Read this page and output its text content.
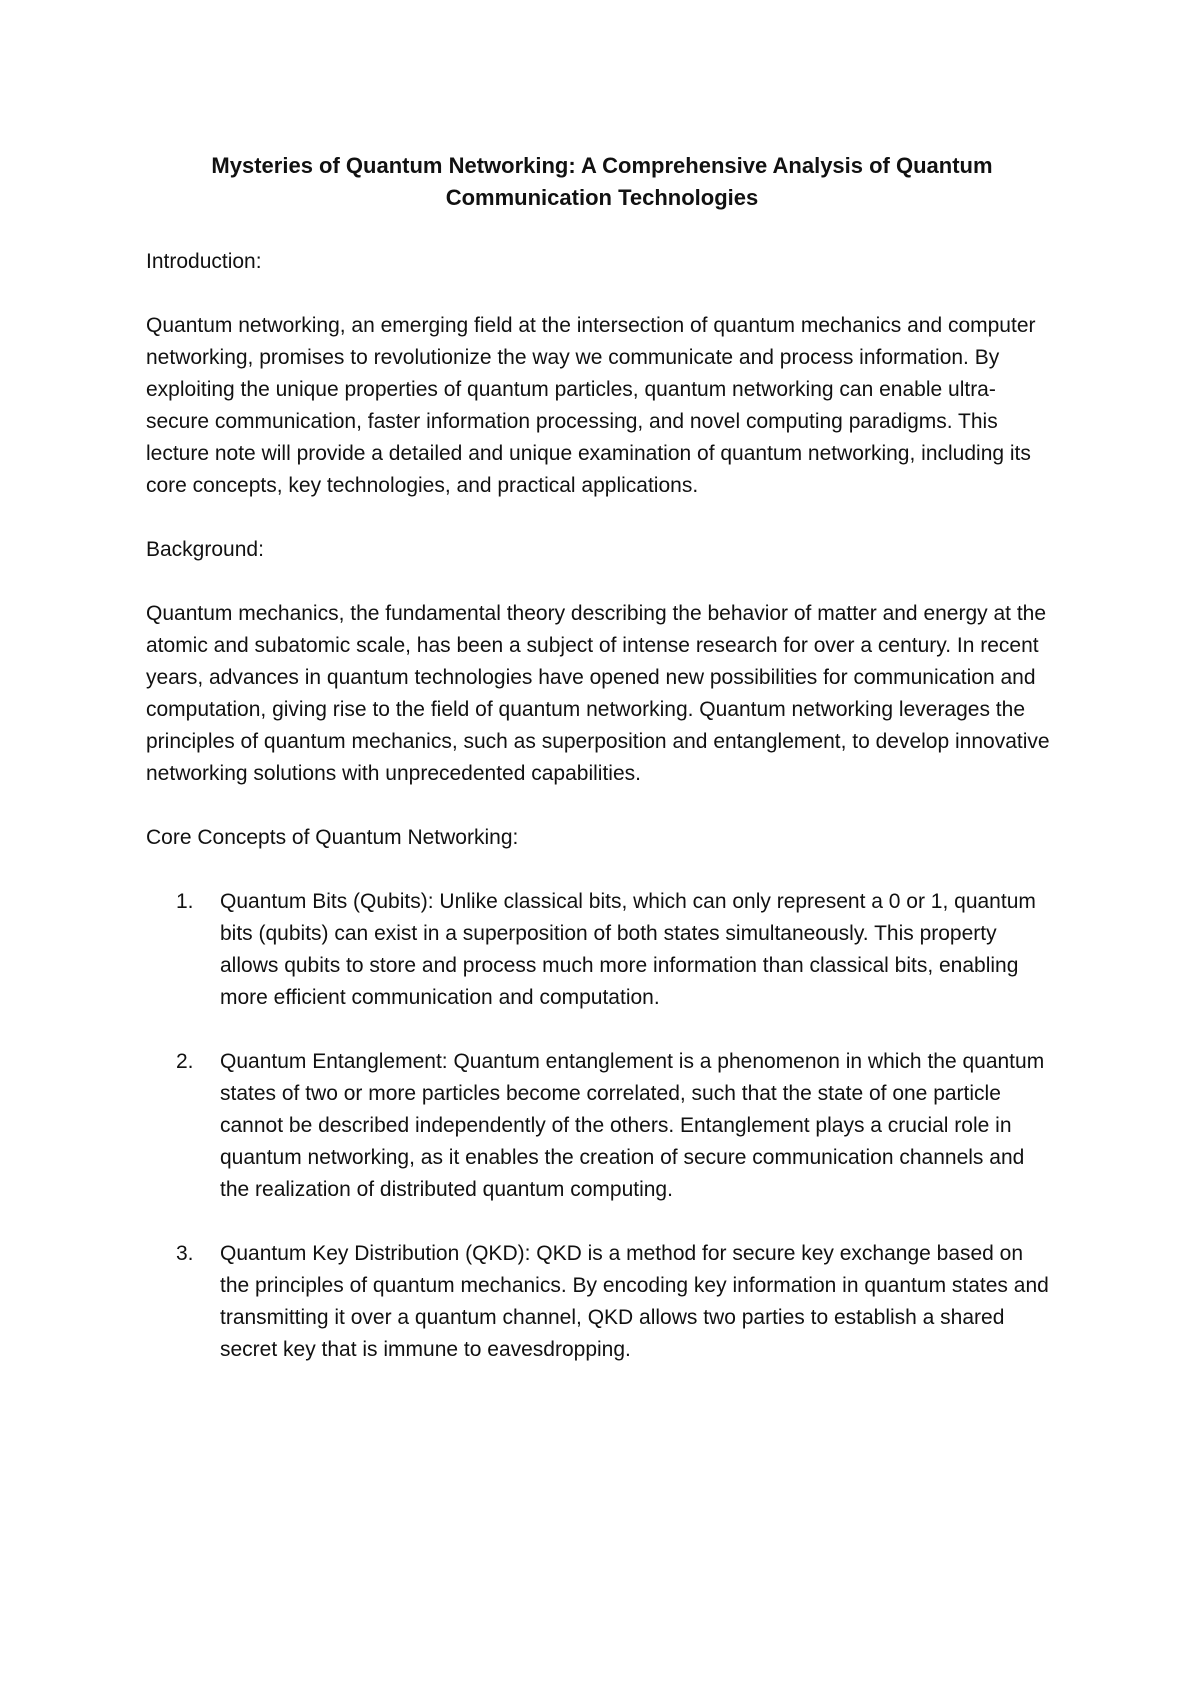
Mysteries of Quantum Networking: A Comprehensive Analysis of Quantum Communication Technologies

Introduction:

Quantum networking, an emerging field at the intersection of quantum mechanics and computer networking, promises to revolutionize the way we communicate and process information. By exploiting the unique properties of quantum particles, quantum networking can enable ultra-secure communication, faster information processing, and novel computing paradigms. This lecture note will provide a detailed and unique examination of quantum networking, including its core concepts, key technologies, and practical applications.

Background:

Quantum mechanics, the fundamental theory describing the behavior of matter and energy at the atomic and subatomic scale, has been a subject of intense research for over a century. In recent years, advances in quantum technologies have opened new possibilities for communication and computation, giving rise to the field of quantum networking. Quantum networking leverages the principles of quantum mechanics, such as superposition and entanglement, to develop innovative networking solutions with unprecedented capabilities.

Core Concepts of Quantum Networking:

1.	Quantum Bits (Qubits): Unlike classical bits, which can only represent a 0 or 1, quantum bits (qubits) can exist in a superposition of both states simultaneously. This property allows qubits to store and process much more information than classical bits, enabling more efficient communication and computation.
2.	Quantum Entanglement: Quantum entanglement is a phenomenon in which the quantum states of two or more particles become correlated, such that the state of one particle cannot be described independently of the others. Entanglement plays a crucial role in quantum networking, as it enables the creation of secure communication channels and the realization of distributed quantum computing.
3.	Quantum Key Distribution (QKD): QKD is a method for secure key exchange based on the principles of quantum mechanics. By encoding key information in quantum states and transmitting it over a quantum channel, QKD allows two parties to establish a shared secret key that is immune to eavesdropping.
